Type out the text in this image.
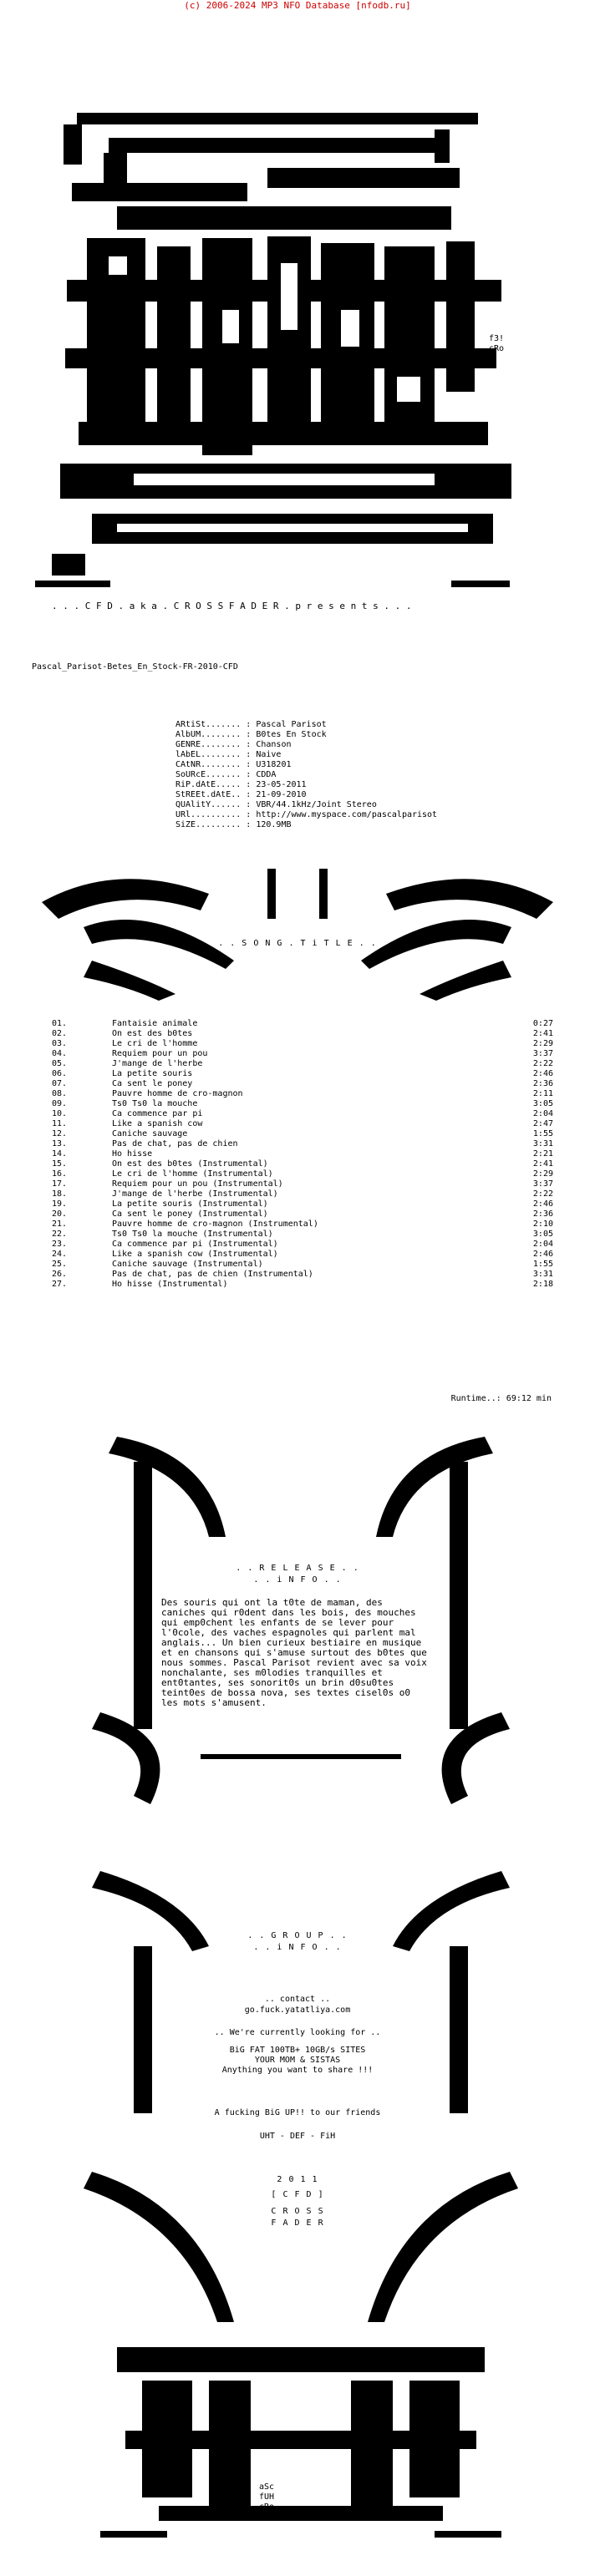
(c) 2006-2024 MP3 NFO Database [nfodb.ru]
f3!
cRo
. . . C F D . a k a . C R O S S F A D E R . p r e s e n t s . . .
Pascal_Parisot-Betes_En_Stock-FR-2010-CFD
ARtiSt....... : Pascal Parisot
AlbUM........ : B0tes En Stock
GENRE........ : Chanson
lAbEL........ : Naive
CAtNR........ : U318201
SoURcE....... : CDDA
RiP.dAtE..... : 23-05-2011
StREEt.dAtE.. : 21-09-2010
QUAlitY...... : VBR/44.1kHz/Joint Stereo
URl.......... : http://www.myspace.com/pascalparisot
SiZE......... : 120.9MB
. . S O N G . T i T L E . .
01.	Fantaisie animale	0:27
02.	On est des b0tes	2:41
03.	Le cri de l'homme	2:29
04.	Requiem pour un pou	3:37
05.	J'mange de l'herbe	2:22
06.	La petite souris	2:46
07.	Ca sent le poney	2:36
08.	Pauvre homme de cro-magnon	2:11
09.	Ts0 Ts0 la mouche	3:05
10.	Ca commence par pi	2:04
11.	Like a spanish cow	2:47
12.	Caniche sauvage	1:55
13.	Pas de chat, pas de chien	3:31
14.	Ho hisse	2:21
15.	On est des b0tes (Instrumental)	2:41
16.	Le cri de l'homme (Instrumental)	2:29
17.	Requiem pour un pou (Instrumental)	3:37
18.	J'mange de l'herbe (Instrumental)	2:22
19.	La petite souris (Instrumental)	2:46
20.	Ca sent le poney (Instrumental)	2:36
21.	Pauvre homme de cro-magnon (Instrumental)	2:10
22.	Ts0 Ts0 la mouche (Instrumental)	3:05
23.	Ca commence par pi (Instrumental)	2:04
24.	Like a spanish cow (Instrumental)	2:46
25.	Caniche sauvage (Instrumental)	1:55
26.	Pas de chat, pas de chien (Instrumental)	3:31
27.	Ho hisse (Instrumental)	2:18
Runtime..: 69:12 min
. . R E L E A S E . .
. . i N F O . .
Des souris qui ont la t0te de maman, des caniches qui r0dent dans les bois, des mouches qui emp0chent les enfants de se lever pour l'0cole, des vaches espagnoles qui parlent mal anglais... Un bien curieux bestiaire en musique et en chansons qui s'amuse surtout des b0tes que nous sommes. Pascal Parisot revient avec sa voix nonchalante, ses m0lodies tranquilles et ent0tantes, ses sonorit0s un brin d0su0tes teint0es de bossa nova, ses textes cisel0s o0 les mots s'amusent.
. . G R O U P . .
. . i N F O . .
.. contact ..
go.fuck.yatatliya.com
.. We're currently looking for ..
BiG FAT 100TB+ 10GB/s SITES
YOUR MOM & SISTAS
Anything you want to share !!!
A fucking BiG UP!! to our friends
UHT - DEF - FiH
2 0 1 1
[ C F D ]
C R O S S
F A D E R
aSc
fUH
cRo
